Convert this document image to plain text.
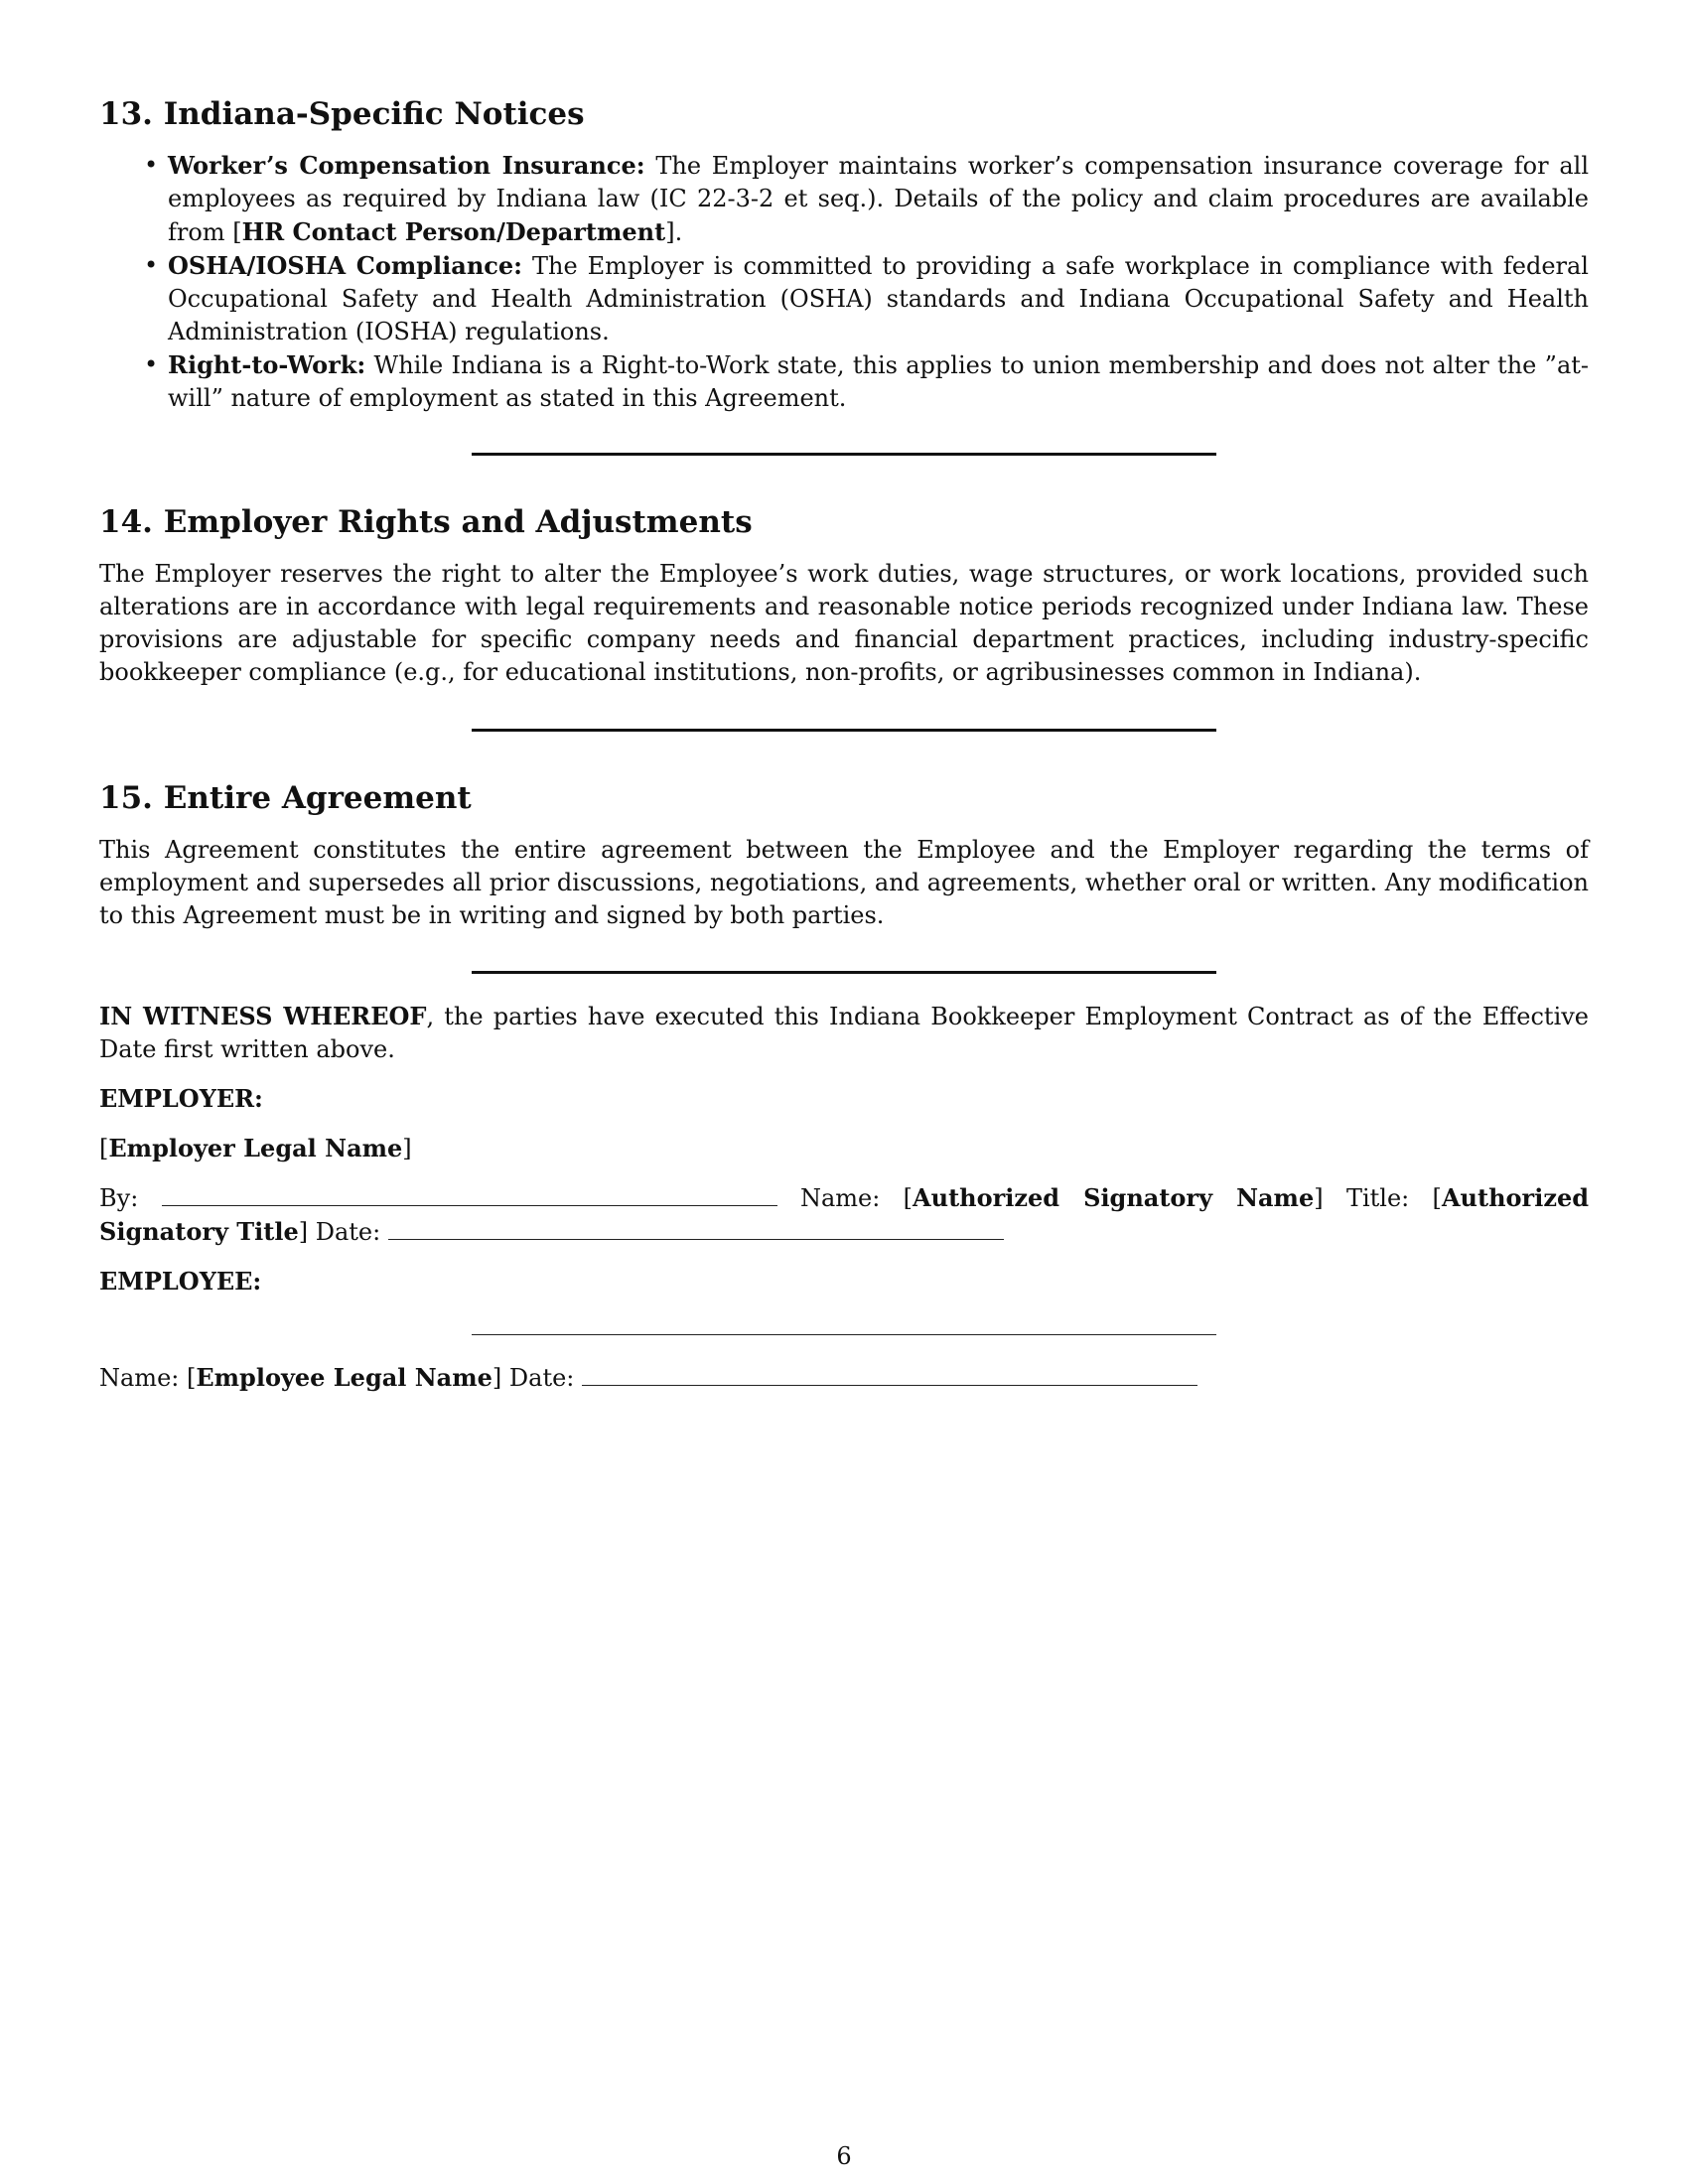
13. Indiana-Specific Notices
• Worker’s Compensation Insurance: The Employer maintains worker’s compensation insurance coverage for all employees as required by Indiana law (IC 22-3-2 et seq.). Details of the policy and claim procedures are available from [HR Contact Person/Department].
• OSHA/IOSHA Compliance: The Employer is committed to providing a safe workplace in compliance with federal Occupational Safety and Health Administration (OSHA) standards and Indiana Occupational Safety and Health Administration (IOSHA) regulations.
• Right-to-Work: While Indiana is a Right-to-Work state, this applies to union membership and does not alter the ”at-will” nature of employment as stated in this Agreement.
14. Employer Rights and Adjustments

The Employer reserves the right to alter the Employee’s work duties, wage structures, or work locations, provided such alterations are in accordance with legal requirements and reasonable notice periods recognized under Indiana law. These provisions are adjustable for specific company needs and financial department practices, including industry-specific bookkeeper compliance (e.g., for educational institutions, non-profits, or agribusinesses common in Indiana).

15. Entire Agreement

This Agreement constitutes the entire agreement between the Employee and the Employer regarding the terms of employment and supersedes all prior discussions, negotiations, and agreements, whether oral or written. Any modification to this Agreement must be in writing and signed by both parties.

IN WITNESS WHEREOF, the parties have executed this Indiana Bookkeeper Employment Contract as of the Effective Date first written above.

EMPLOYER:

[Employer Legal Name]

By:	Name: [Authorized Signatory Name] Title: [Authorized Signatory Title] Date:

EMPLOYEE:

Name: [Employee Legal Name] Date:

6
